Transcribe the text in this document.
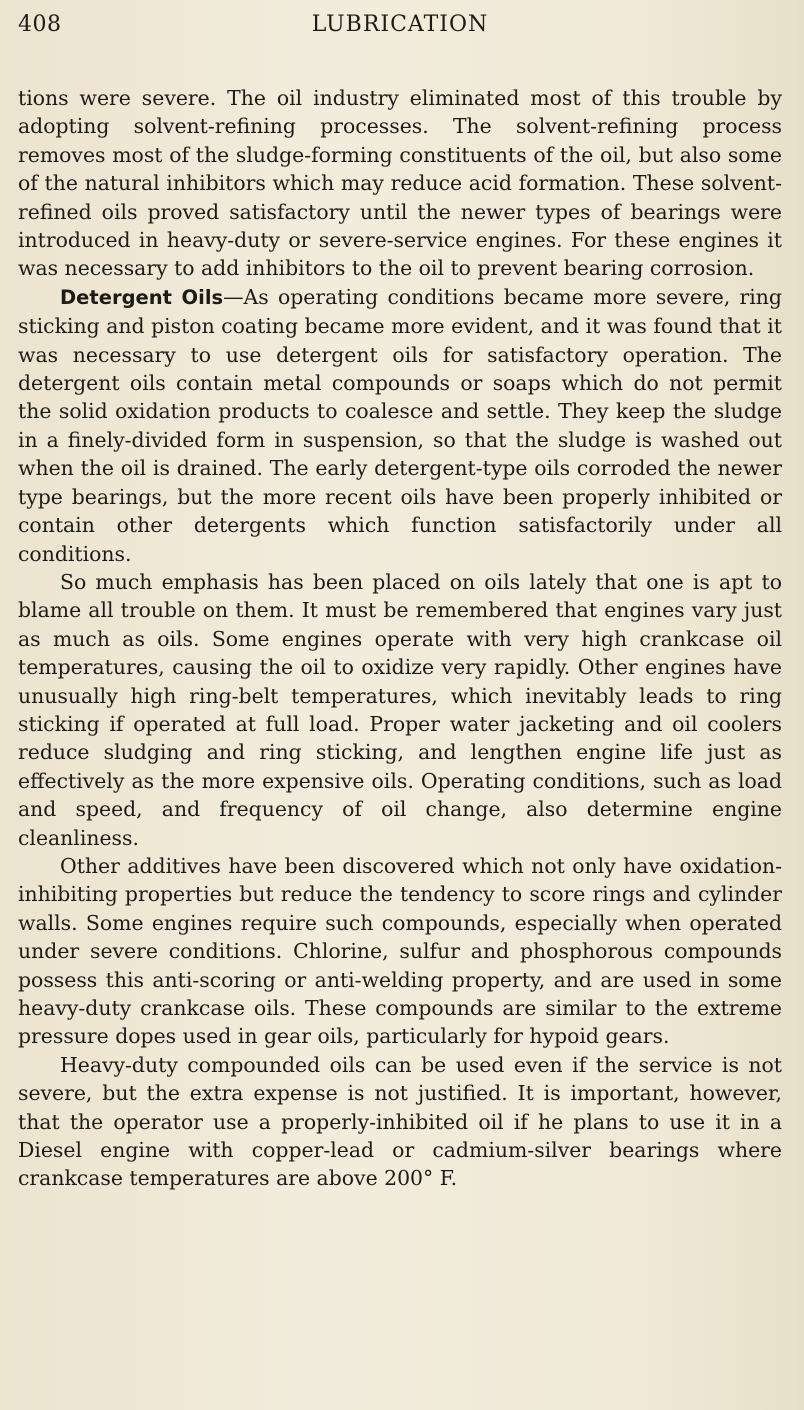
408	LUBRICATION

tions were severe. The oil industry eliminated most of this trouble by adopting solvent-refining processes. The solvent-refining process removes most of the sludge-forming constituents of the oil, but also some of the natural inhibitors which may reduce acid formation. These solvent-refined oils proved satisfactory until the newer types of bearings were introduced in heavy-duty or severe-service engines. For these engines it was necessary to add inhibitors to the oil to prevent bearing corrosion.

Detergent Oils—As operating conditions became more severe, ring sticking and piston coating became more evident, and it was found that it was necessary to use detergent oils for satisfactory operation. The detergent oils contain metal compounds or soaps which do not permit the solid oxidation products to coalesce and settle. They keep the sludge in a finely-divided form in suspension, so that the sludge is washed out when the oil is drained. The early detergent-type oils corroded the newer type bearings, but the more recent oils have been properly inhibited or contain other detergents which function satisfactorily under all conditions.

So much emphasis has been placed on oils lately that one is apt to blame all trouble on them. It must be remembered that engines vary just as much as oils. Some engines operate with very high crankcase oil temperatures, causing the oil to oxidize very rapidly. Other engines have unusually high ring-belt temperatures, which inevitably leads to ring sticking if operated at full load. Proper water jacketing and oil coolers reduce sludging and ring sticking, and lengthen engine life just as effectively as the more expensive oils. Operating conditions, such as load and speed, and frequency of oil change, also determine engine cleanliness.

Other additives have been discovered which not only have oxidation-inhibiting properties but reduce the tendency to score rings and cylinder walls. Some engines require such compounds, especially when operated under severe conditions. Chlorine, sulfur and phosphorous compounds possess this anti-scoring or anti-welding property, and are used in some heavy-duty crankcase oils. These compounds are similar to the extreme pressure dopes used in gear oils, particularly for hypoid gears.

Heavy-duty compounded oils can be used even if the service is not severe, but the extra expense is not justified. It is important, however, that the operator use a properly-inhibited oil if he plans to use it in a Diesel engine with copper-lead or cadmium-silver bearings where crankcase temperatures are above 200° F.
